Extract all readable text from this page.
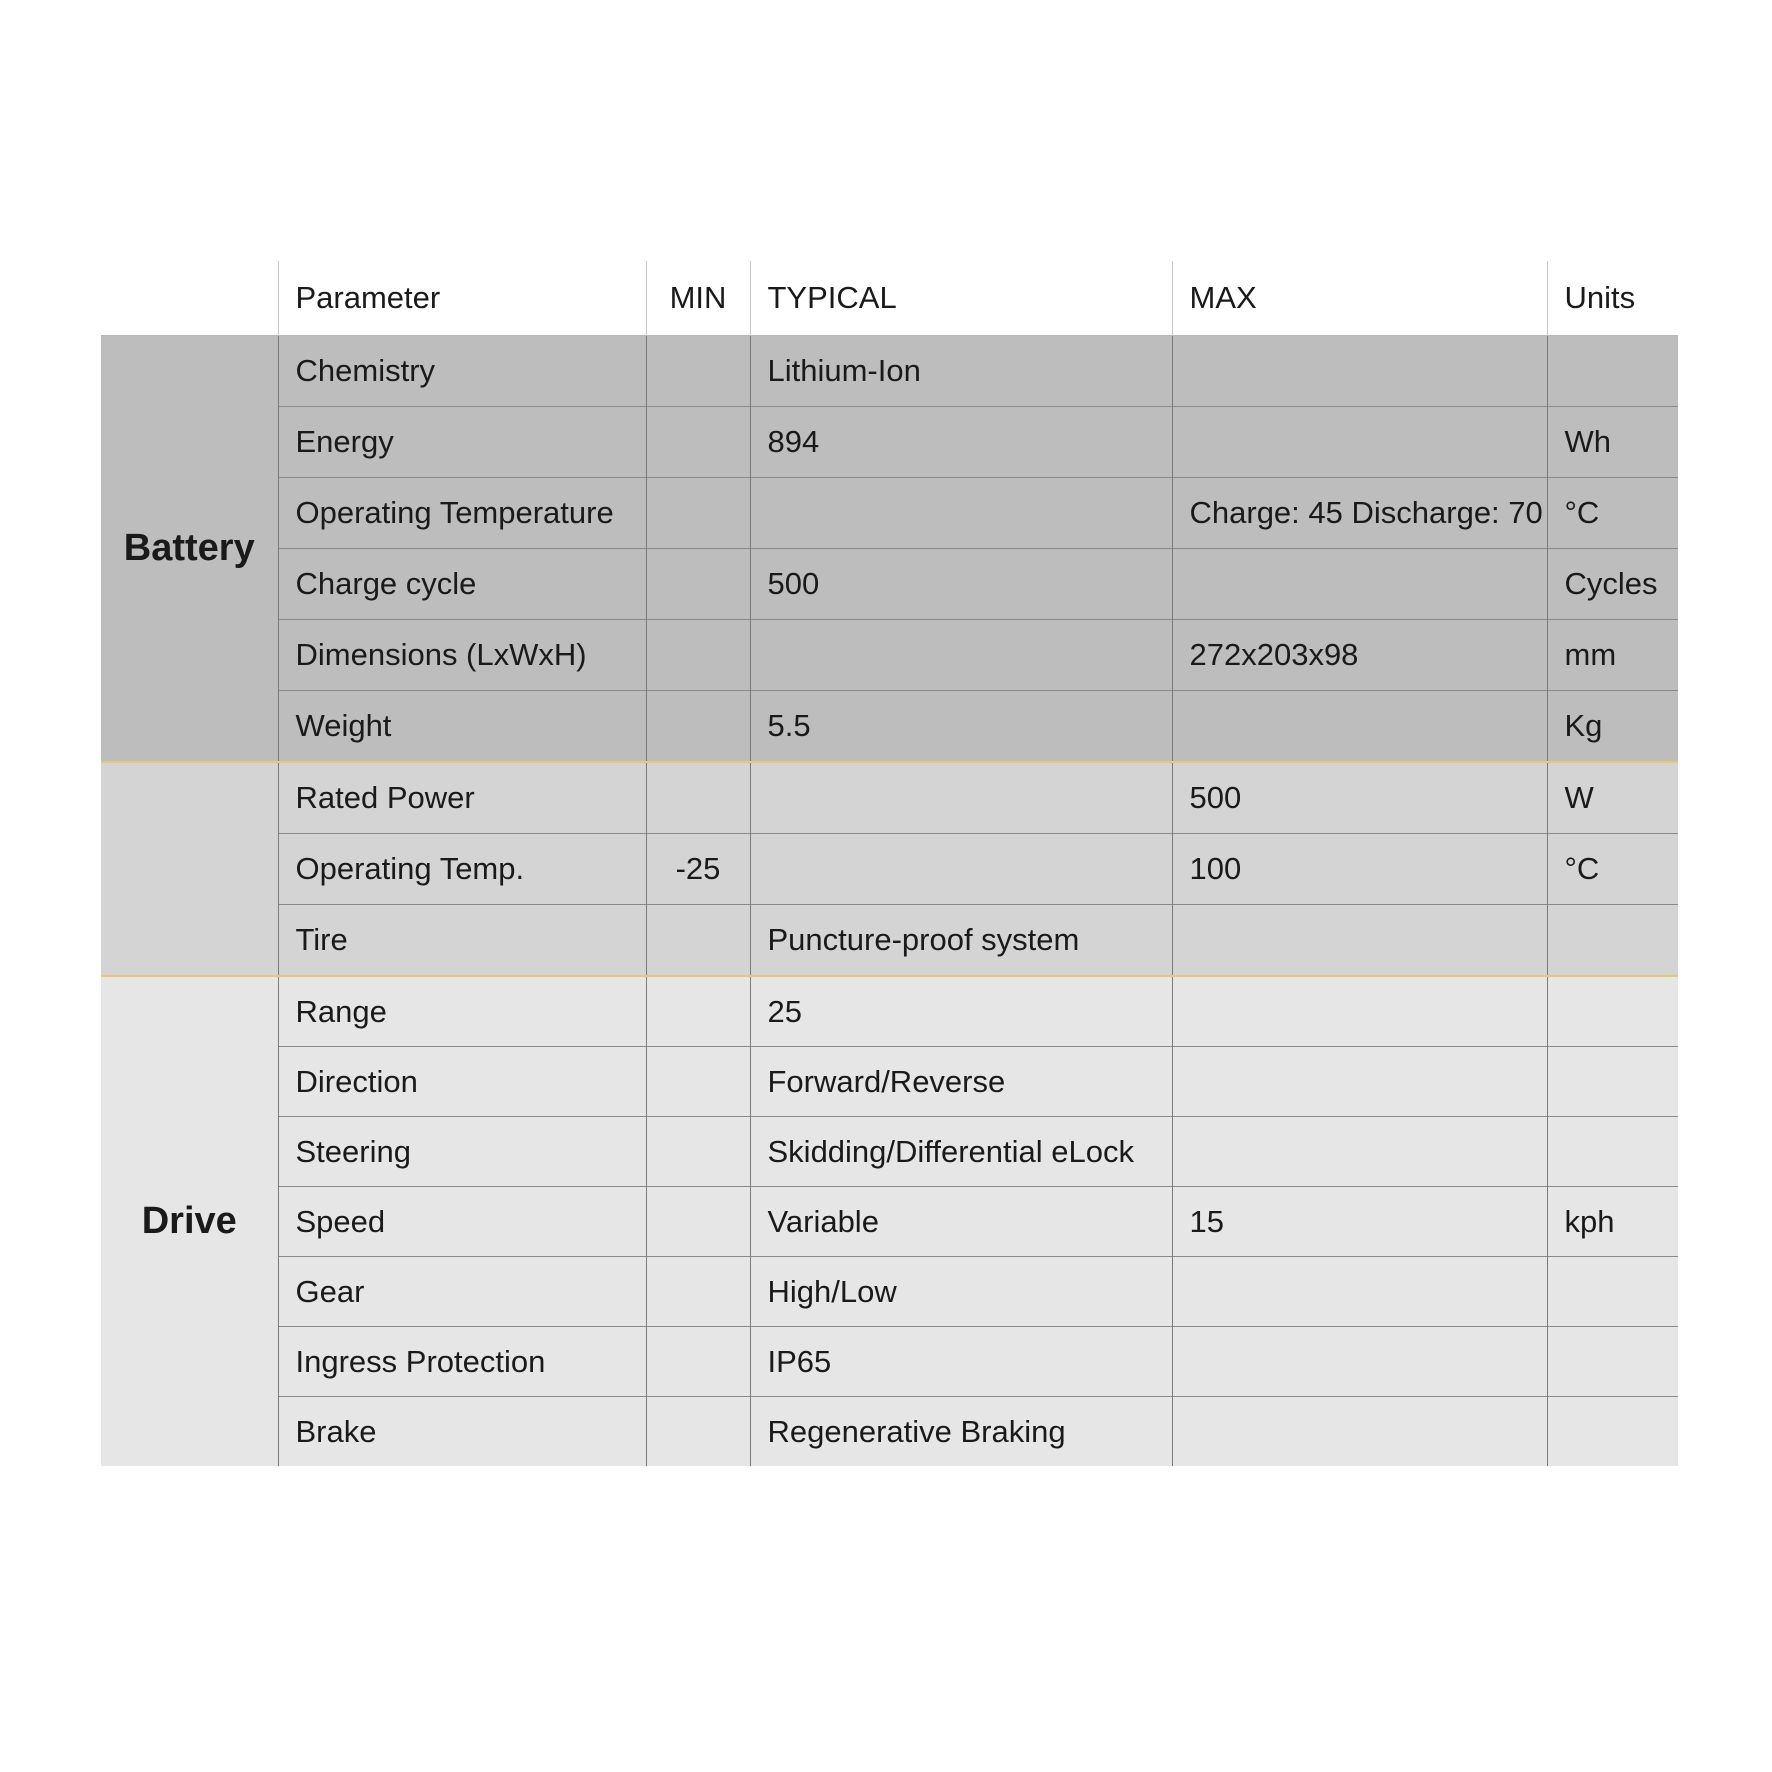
	Parameter	MIN	TYPICAL	MAX	Units
Battery	Chemistry		Lithium-Ion		
	Energy		894		Wh
	Operating Temperature			Charge: 45 Discharge: 70	°C
	Charge cycle		500		Cycles
	Dimensions (LxWxH)			272x203x98	mm
	Weight		5.5		Kg
	Rated Power			500	W
	Operating Temp.	-25		100	°C
	Tire		Puncture-proof system		
Drive	Range		25		
	Direction		Forward/Reverse		
	Steering		Skidding/Differential eLock		
	Speed		Variable	15	kph
	Gear		High/Low		
	Ingress Protection		IP65		
	Brake		Regenerative Braking		
